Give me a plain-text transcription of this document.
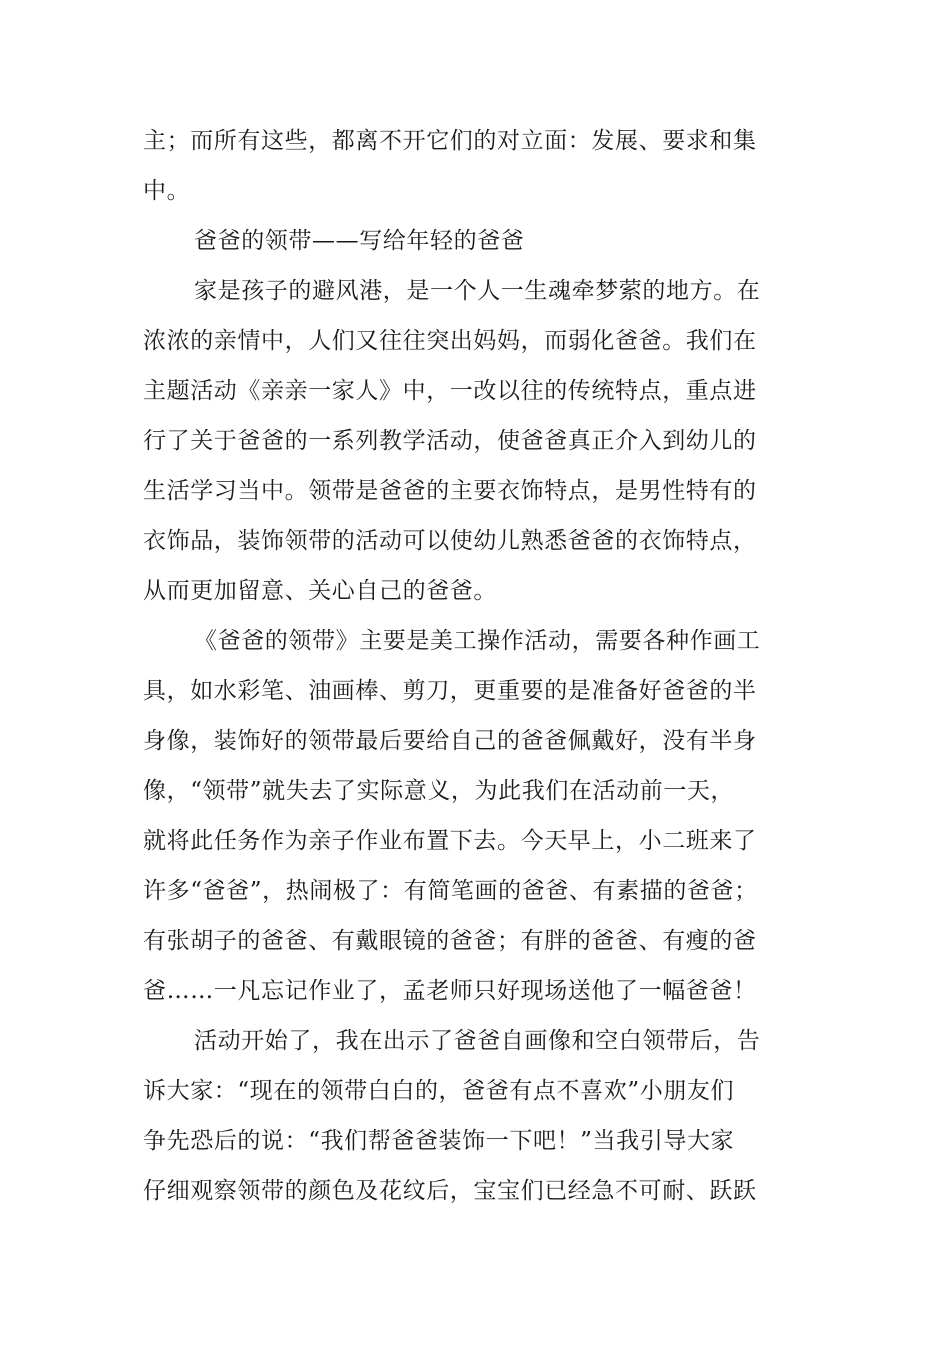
主；而所有这些，都离不开它们的对立面：发展、要求和集
中。
爸爸的领带——写给年轻的爸爸
家是孩子的避风港，是一个人一生魂牵梦萦的地方。在
浓浓的亲情中，人们又往往突出妈妈，而弱化爸爸。我们在
主题活动《亲亲一家人》中，一改以往的传统特点，重点进
行了关于爸爸的一系列教学活动，使爸爸真正介入到幼儿的
生活学习当中。领带是爸爸的主要衣饰特点，是男性特有的
衣饰品，装饰领带的活动可以使幼儿熟悉爸爸的衣饰特点，
从而更加留意、关心自己的爸爸。
《爸爸的领带》主要是美工操作活动，需要各种作画工
具，如水彩笔、油画棒、剪刀，更重要的是准备好爸爸的半
身像，装饰好的领带最后要给自己的爸爸佩戴好，没有半身
像，“领带”就失去了实际意义，为此我们在活动前一天，
就将此任务作为亲子作业布置下去。今天早上，小二班来了
许多“爸爸”，热闹极了：有简笔画的爸爸、有素描的爸爸；
有张胡子的爸爸、有戴眼镜的爸爸；有胖的爸爸、有瘦的爸
爸……一凡忘记作业了，孟老师只好现场送他了一幅爸爸！
活动开始了，我在出示了爸爸自画像和空白领带后，告
诉大家：“现在的领带白白的，爸爸有点不喜欢”小朋友们
争先恐后的说：“我们帮爸爸装饰一下吧！”当我引导大家
仔细观察领带的颜色及花纹后，宝宝们已经急不可耐、跃跃
